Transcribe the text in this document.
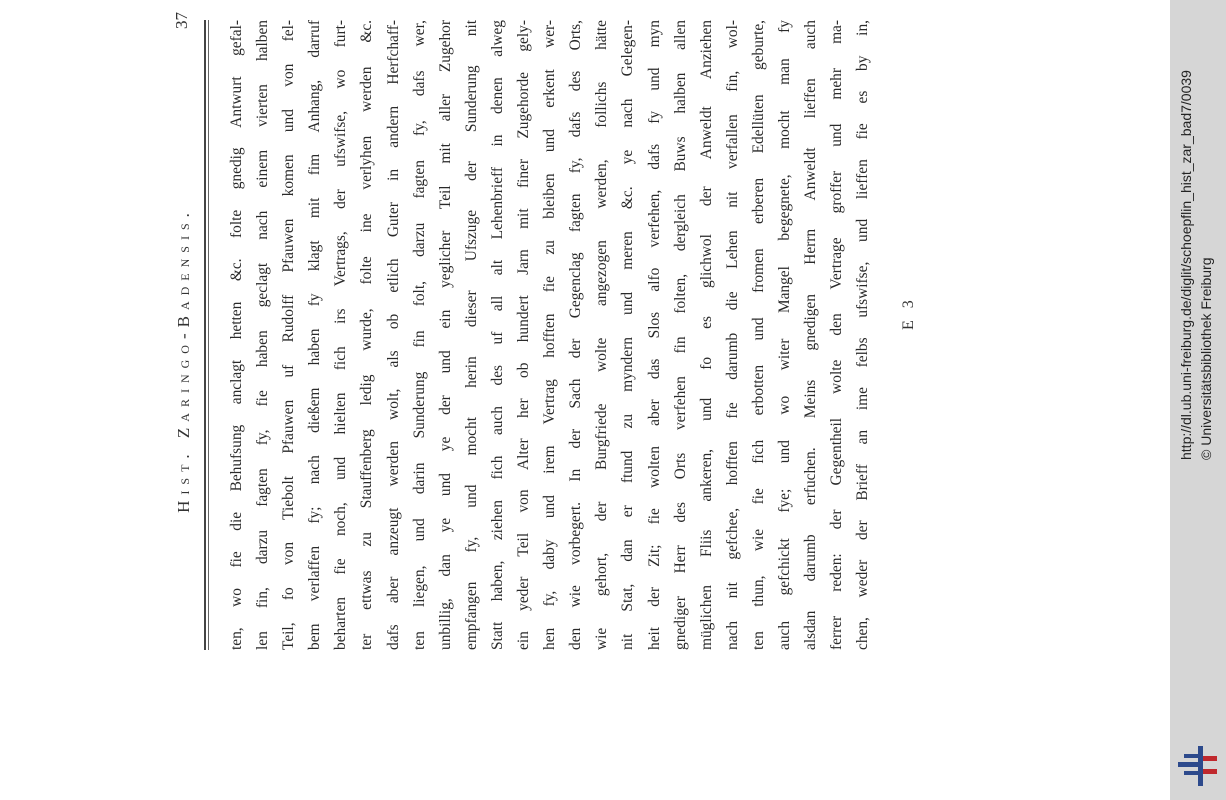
Hist. Zaringo-Badensis.
37 ten, wo fie die Behufsung anclagt hetten &c. folte gnedig Antwurt gefal- len fin, darzu fagten fy, fie haben geclagt nach einem vierten halben Teil, fo von Tiebolt Pfauwen uf Rudolff Pfauwen komen und von fel- bem verlaffen fy; nach dießem haben fy klagt mit fim Anhang, darruf beharten fie noch, und hielten fich irs Vertrags, der ufswifse, wo furt- ter ettwas zu Stauffenberg ledig wurde, folte ine verlyhen werden &c. dafs aber anzeugt werden wolt, als ob etlich Guter in andern Herfchaff- ten liegen, und darin Sunderung fin folt, darzu fagten fy, dafs wer, unbillig, dan ye und ye der und ein yeglicher Teil mit aller Zugehor empfangen fy, und mocht herin dieser Ufszuge der Sunderung nit Statt haben, ziehen fich auch des uf all alt Lehenbrieff in denen alweg ein yeder Teil von Alter her ob hundert Jarn mit finer Zugehorde gely- hen fy, daby und irem Vertrag hofften fie zu bleiben und erkent wer- den wie vorbegert. In der Sach der Gegenclag fagten fy, dafs des Orts, wie gehort, der Burgfriede wolte angezogen werden, follichs hätte nit Stat, dan er ftund zu myndern und meren &c. ye nach Gelegen- heit der Zit; fie wolten aber das Slos alfo verfehen, dafs fy und myn gnediger Herr des Orts verfehen fin folten, dergleich Buws halben allen müglichen Fliis ankeren, und fo es glichwol der Anweldt Anziehen nach nit gefchee, hofften fie darumb die Lehen nit verfallen fin, wol- ten thun, wie fie fich erbotten und fromen erberen Edellüten geburte, auch gefchickt fye; und wo witer Mangel begegnete, mocht man fy alsdan darumb erfuchen. Meins gnedigen Herrn Anweldt lieffen auch ferrer reden: der Gegentheil wolte den Vertrage groffer und mehr ma- chen, weder der Brieff an ime felbs ufswifse, und lieffen fie es by in,	E 3	http://dl.ub.uni-freiburg.de/diglit/schoepflin_hist_zar_bad7/0039 © Universitätsbibliothek Freiburg
